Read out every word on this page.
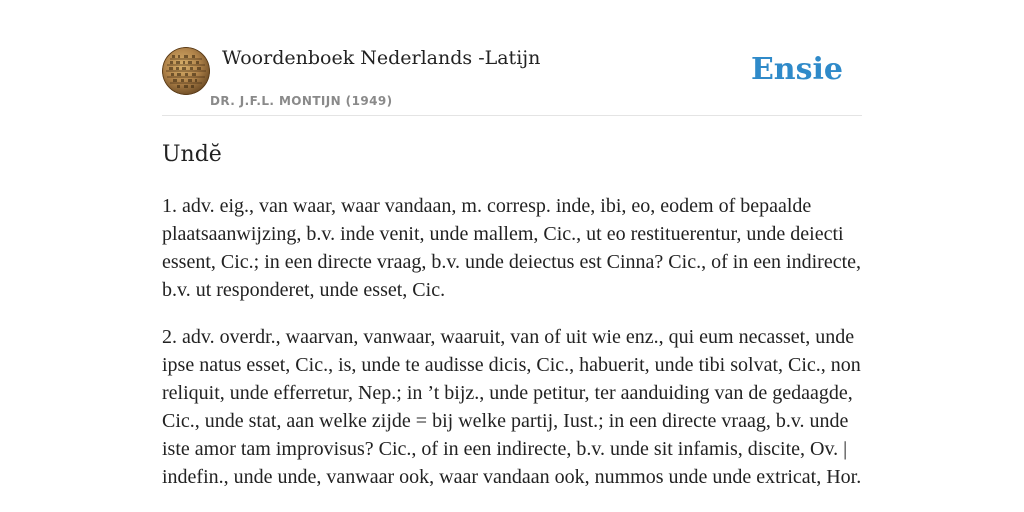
Woordenboek Nederlands -Latijn
DR. J.F.L. MONTIJN (1949)
Ensie
Undĕ

1. adv. eig., van waar, waar vandaan, m. corresp. inde, ibi, eo, eodem of bepaalde plaatsaanwijzing, b.v. inde venit, unde mallem, Cic., ut eo restituerentur, unde deiecti essent, Cic.; in een directe vraag, b.v. unde deiectus est Cinna? Cic., of in een indirecte, b.v. ut responderet, unde esset, Cic.

2. adv. overdr., waarvan, vanwaar, waaruit, van of uit wie enz., qui eum necasset, unde ipse natus esset, Cic., is, unde te audisse dicis, Cic., habuerit, unde tibi solvat, Cic., non reliquit, unde efferretur, Nep.; in ’t bijz., unde petitur, ter aanduiding van de gedaagde, Cic., unde stat, aan welke zijde = bij welke partij, Iust.; in een directe vraag, b.v. unde iste amor tam improvisus? Cic., of in een indirecte, b.v. unde sit infamis, discite, Ov. | indefin., unde unde, vanwaar ook, waar vandaan ook, nummos unde unde extricat, Hor.
